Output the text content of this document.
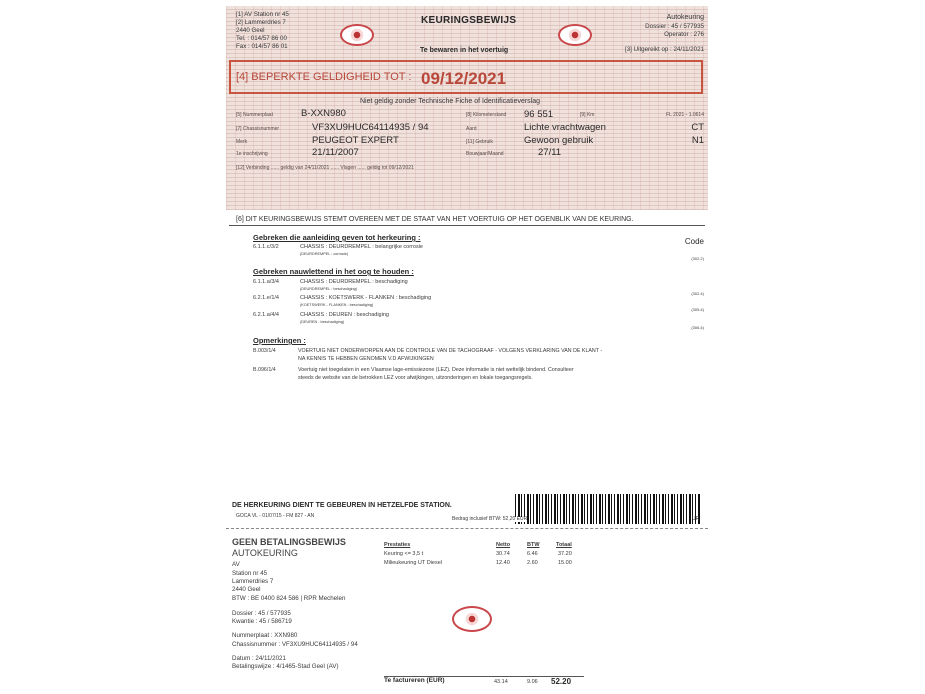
[1] AV Station nr 45
[2] Lammerdries 7
2440 Geel
Tel. : 014/57 86 00
Fax : 014/57 86 01
KEURINGSBEWIJS
Te bewaren in het voertuig
Autokeuring
Dossier : 45 / 577935
Operator : 276
[3] Uitgereikt op : 24/11/2021
[4] BEPERKTE GELDIGHEID TOT : 09/12/2021
Niet geldig zonder Technische Fiche of Identificatieverslag
[5] Nummerplaat	B-XXN980
[7] Chassisnummer	VF3XU9HUC64114935 / 94
Merk	PEUGEOT EXPERT
1e inschrijving	21/11/2007
[8] Kilometerstand 96 551	[9] Km	FL 2021 - 1.0614
Aard	Lichte vrachtwagen	CT
[11] Gebruik	Gewoon gebruik	N1
Bouwjaar/Maand	27/11
[12] Verbinding ...... geldig van 24/11/2021 ...... Vlagen ...... geldig tot 09/12/2021
[6] DIT KEURINGSBEWIJS STEMT OVEREEN MET DE STAAT VAN HET VOERTUIG OP HET OGENBLIK VAN DE KEURING.
Code
Gebreken die aanleiding geven tot herkeuring :
6.1.1.c/3/2	CHASSIS : DEURDREMPEL : belangrijke corrosie
(DEURDREMPEL : corrosie)
(302.2)
Gebreken nauwlettend in het oog te houden :
6.1.1.a/3/4	CHASSIS : DEURDREMPEL : beschadiging
(DEURDREMPEL : beschadiging)
(302.4)
6.2.1.e/1/4	CHASSIS : KOETSWERK - FLANKEN : beschadiging
(KOETSWERK - FLANKEN : beschadiging)
(305.4)
6.2.1.a/4/4	CHASSIS : DEUREN : beschadiging
(DEUREN : beschadiging)
(306.4)
Opmerkingen :
B.003/1/4	VOERTUIG NIET ONDERWORPEN AAN DE CONTROLE VAN DE TACHOGRAAF - VOLGENS VERKLARING VAN DE KLANT -
NA KENNIS TE HEBBEN GENOMEN V.D AFWIJKINGEN
B.096/1/4	Voertuig niet toegelaten in een Vlaamse lage-emissiezone (LEZ). Deze informatie is niet wettelijk bindend. Consulteer
steeds de website van de betrokken LEZ voor afwijkingen, uitzonderingen en lokale toegangsregels.
DE HERKEURING DIENT TE GEBEUREN IN HETZELFDE STATION.
GOCA VL - 01/07/15 - FM 827 - AN	Bedrag inclusief BTW: 52,20 EUR	UR
GEEN BETALINGSBEWIJS
AUTOKEURING
AV
Station nr 45
Lammerdries 7
2440 Geel
BTW : BE 0400 824 586 | RPR Mechelen
Dossier : 45 / 577935
Kwantie : 45 / 586719
Nummerplaat : XXN980
Chassisnummer : VF3XU9HUC64114935 / 94
Datum : 24/11/2021
Betalingswijze : 4/1465-Stad Geel (AV)
Prestaties	Netto	BTW	Totaal
Keuring <= 3,5 t	30.74	6.46	37.20
Milieukeuring UT Diesel	12.40	2.60	15.00
Te factureren (EUR)	43.14	9.06 52.20
